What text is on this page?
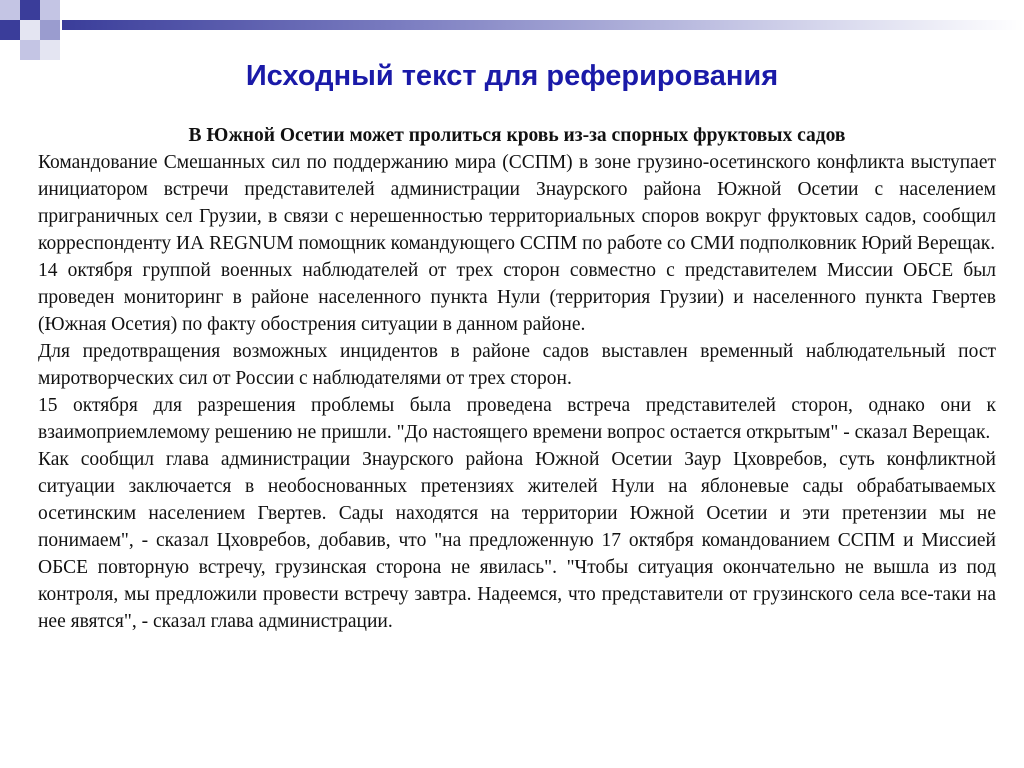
Исходный текст для реферирования

В Южной Осетии может пролиться кровь из-за спорных фруктовых садов

Командование Смешанных сил по поддержанию мира (ССПМ) в зоне грузино-осетинского конфликта выступает инициатором встречи представителей администрации Знаурского района Южной Осетии с населением приграничных сел Грузии, в связи с нерешенностью территориальных споров вокруг фруктовых садов, сообщил корреспонденту ИА REGNUM помощник командующего ССПМ по работе со СМИ подполковник Юрий Верещак.

14 октября группой военных наблюдателей от трех сторон совместно с представителем Миссии ОБСЕ был проведен мониторинг в районе населенного пункта Нули (территория Грузии) и населенного пункта Гвертев (Южная Осетия) по факту обострения ситуации в данном районе.

Для предотвращения возможных инцидентов в районе садов выставлен временный наблюдательный пост миротворческих сил от России с наблюдателями от трех сторон.

15 октября для разрешения проблемы была проведена встреча представителей сторон, однако они к взаимоприемлемому решению не пришли. "До настоящего времени вопрос остается открытым" - сказал Верещак.

Как сообщил глава администрации Знаурского района Южной Осетии Заур Цховребов, суть конфликтной ситуации заключается в необоснованных претензиях жителей Нули на яблоневые сады обрабатываемых осетинским населением Гвертев. Сады находятся на территории Южной Осетии и эти претензии мы не понимаем", - сказал Цховребов, добавив, что "на предложенную 17 октября командованием ССПМ и Миссией ОБСЕ повторную встречу, грузинская сторона не явилась". "Чтобы ситуация окончательно не вышла из под контроля, мы предложили провести встречу завтра. Надеемся, что представители от грузинского села все-таки на нее явятся", - сказал глава администрации.
